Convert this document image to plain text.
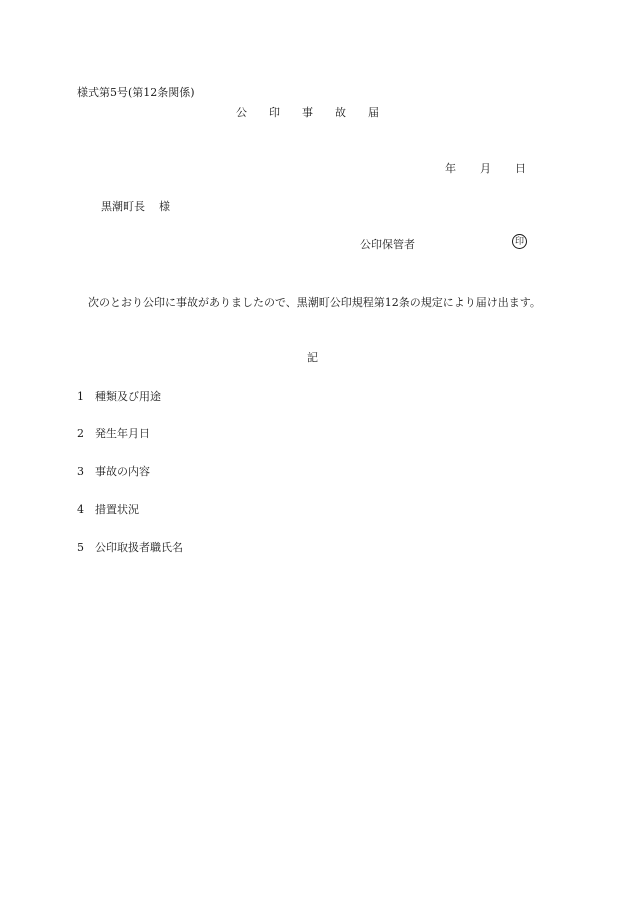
様式第5号(第12条関係)
公 印 事 故 届
年 月 日
黒潮町長 様
公印保管者	印
次のとおり公印に事故がありましたので、黒潮町公印規程第12条の規定により届け出ます。
記
1 種類及び用途
2 発生年月日
3 事故の内容
4 措置状況
5 公印取扱者職氏名
